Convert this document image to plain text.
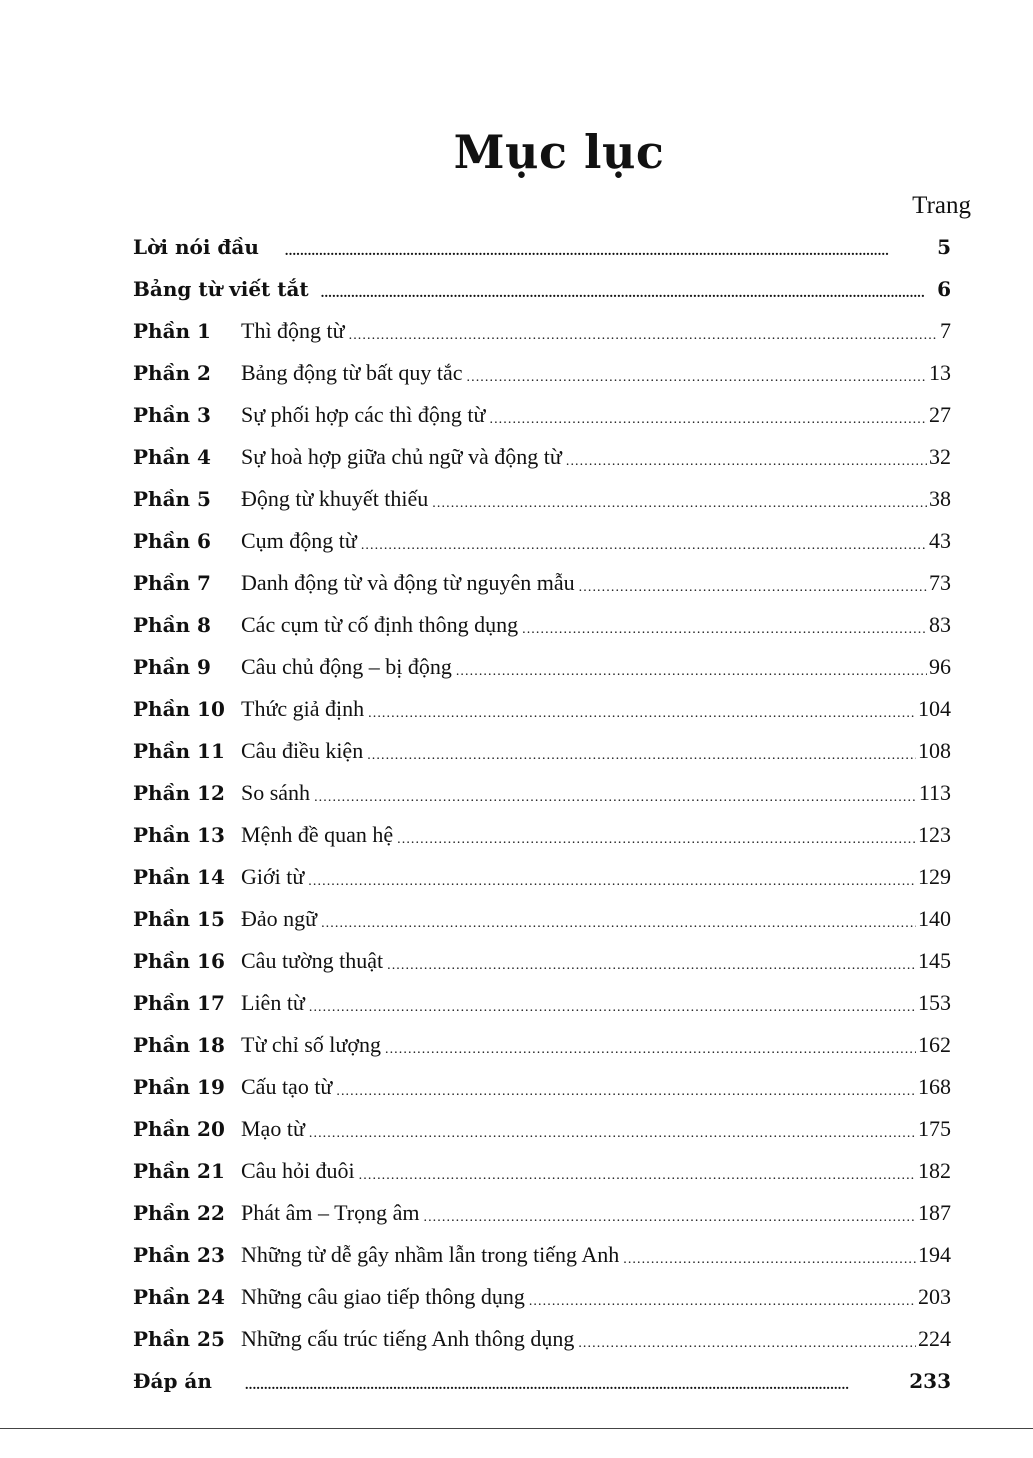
Mục lục
Trang
Lời nói đầu . . .	5
Bảng từ viết tắt . . .	6
Phần 1	Thì động từ . . .	7
Phần 2	Bảng động từ bất quy tắc . . .	13
Phần 3	Sự phối hợp các thì động từ . . .	27
Phần 4	Sự hoà hợp giữa chủ ngữ và động từ . . .	32
Phần 5	Động từ khuyết thiếu . . .	38
Phần 6	Cụm động từ . . .	43
Phần 7	Danh động từ và động từ nguyên mẫu . . .	73
Phần 8	Các cụm từ cố định thông dụng . . .	83
Phần 9	Câu chủ động – bị động . . .	96
Phần 10 Thức giả định . . .	104
Phần 11 Câu điều kiện . . .	108
Phần 12 So sánh . . .	113
Phần 13 Mệnh đề quan hệ . . .	123
Phần 14 Giới từ . . .	129
Phần 15 Đảo ngữ . . .	140
Phần 16 Câu tường thuật . . .	145
Phần 17 Liên từ . . .	153
Phần 18 Từ chỉ số lượng . . .	162
Phần 19 Cấu tạo từ . . .	168
Phần 20 Mạo từ . . .	175
Phần 21 Câu hỏi đuôi . . .	182
Phần 22 Phát âm – Trọng âm . . .	187
Phần 23 Những từ dễ gây nhầm lẫn trong tiếng Anh . . .	194
Phần 24 Những câu giao tiếp thông dụng . . .	203
Phần 25 Những cấu trúc tiếng Anh thông dụng . . .	224
Đáp án . . .	233
